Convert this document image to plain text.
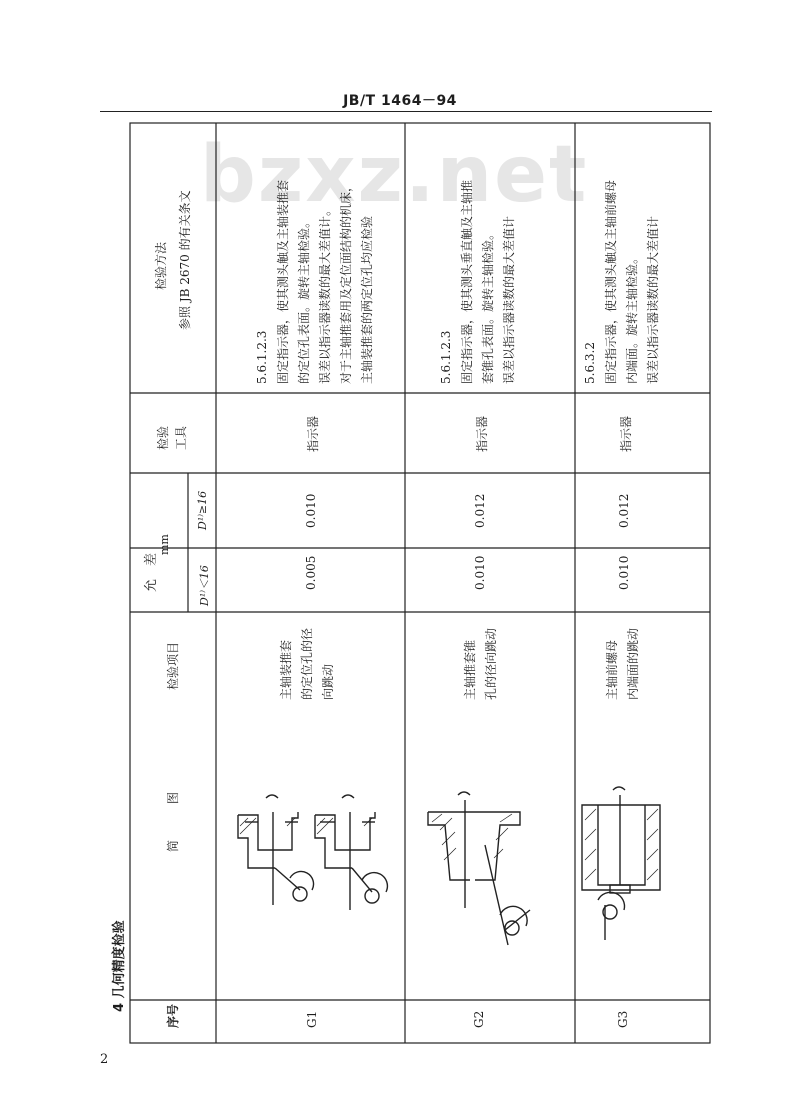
bzxz.net
JB/T 1464－94
序号
简　　　图
检验项目
允　差
mm
D¹⁾＜16
D¹⁾≥16
检验
工具
检验方法 参照 JB 2670 的有关条文
G1
主轴装推套 的定位孔的径 向跳动
0.005
0.010
指示器
5.6.1.2.3 固定指示器，使其测头触及主轴装推套 的定位孔表面。旋转主轴检验。 误差以指示器读数的最大差值计。 对于主轴推套用及定位面结构的机床， 主轴装推套的两定位孔均应检验
G2
主轴推套锥 孔的径向跳动
0.010
0.012
指示器
5.6.1.2.3 固定指示器，使其测头垂直触及主轴推 套锥孔表面。旋转主轴检验。 误差以指示器读数的最大差值计
G3
主轴前螺母 内端面的跳动
0.010
0.012
指示器
5.6.3.2 固定指示器，使其测头触及主轴前螺母 内端面。旋转主轴检验。 误差以指示器读数的最大差值计
4 几何精度检验
2
